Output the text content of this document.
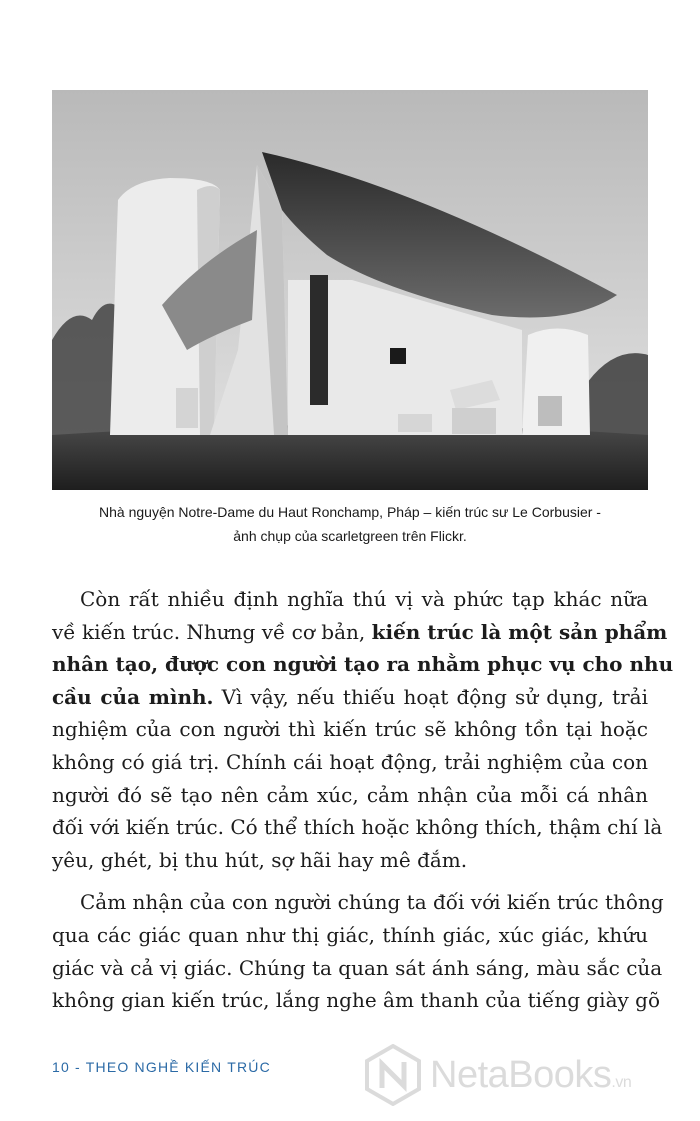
Nhà nguyện Notre-Dame du Haut Ronchamp, Pháp – kiến trúc sư Le Corbusier -
ảnh chụp của scarletgreen trên Flickr.

Còn rất nhiều định nghĩa thú vị và phức tạp khác nữa
về kiến trúc. Nhưng về cơ bản, kiến trúc là một sản phẩm
nhân tạo, được con người tạo ra nhằm phục vụ cho nhu
cầu của mình. Vì vậy, nếu thiếu hoạt động sử dụng, trải
nghiệm của con người thì kiến trúc sẽ không tồn tại hoặc
không có giá trị. Chính cái hoạt động, trải nghiệm của con
người đó sẽ tạo nên cảm xúc, cảm nhận của mỗi cá nhân
đối với kiến trúc. Có thể thích hoặc không thích, thậm chí là
yêu, ghét, bị thu hút, sợ hãi hay mê đắm.

Cảm nhận của con người chúng ta đối với kiến trúc thông
qua các giác quan như thị giác, thính giác, xúc giác, khứu
giác và cả vị giác. Chúng ta quan sát ánh sáng, màu sắc của
không gian kiến trúc, lắng nghe âm thanh của tiếng giày gõ

10 - THEO NGHỀ KIẾN TRÚC	NetaBooks.vn
